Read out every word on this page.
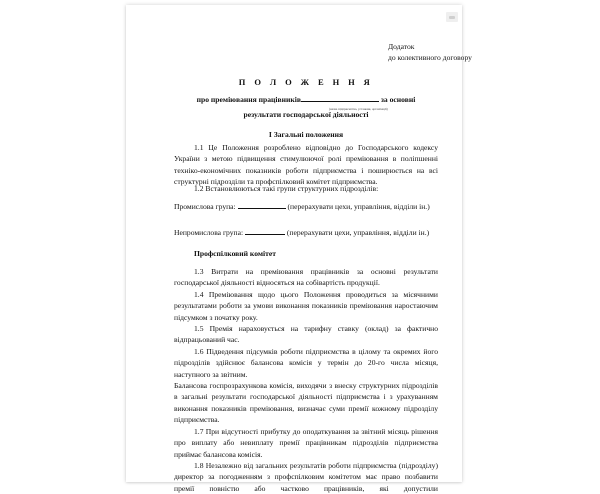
Додаток
до колективного договору
П О Л О Ж Е Н Н Я
про преміювання працівників	за основні
(назва підприємства, установи, організації)
результати господарської діяльності
І Загальні положення

1.1 Це Положення розроблено відповідно до Господарського кодексу України з метою підвищення стимулюючої ролі преміювання в поліпшенні техніко-економічних показників роботи підприємства і поширюється на всі структурні підрозділи та профспілковий комітет підприємства.

1.2 Встановлюються такі групи структурних підрозділів:

Промислова група:	(перерахувати цехи, управління, відділи ін.)

Непромислова група:	(перерахувати цехи, управління, відділи ін.)

Профспілковий комітет

1.3 Витрати на преміювання працівників за основні результати господарської діяльності відносяться на собівартість продукції.

1.4 Преміювання щодо цього Положення проводиться за місячними результатами роботи за умови виконання показників преміювання наростаючим підсумком з початку року.

1.5 Премія нараховується на тарифну ставку (оклад) за фактично відпрацьований час.

1.6 Підведення підсумків роботи підприємства в цілому та окремих його підрозділів здійснює балансова комісія у термін до 20-го числа місяця, наступного за звітним.

Балансова госпрозрахункова комісія, виходячи з внеску структурних підрозділів в загальні результати господарської діяльності підприємства і з урахуванням виконання показників преміювання, визначає суми премії кожному підрозділу підприємства.

1.7 При відсутності прибутку до оподаткування за звітний місяць рішення про виплату або невиплату премії працівникам підрозділів підприємства приймає балансова комісія.

1.8 Незалежно від загальних результатів роботи підприємства (підрозділу) директор за погодженням з профспілковим комітетом має право позбавити премії повністю або частково працівників, які допустили
